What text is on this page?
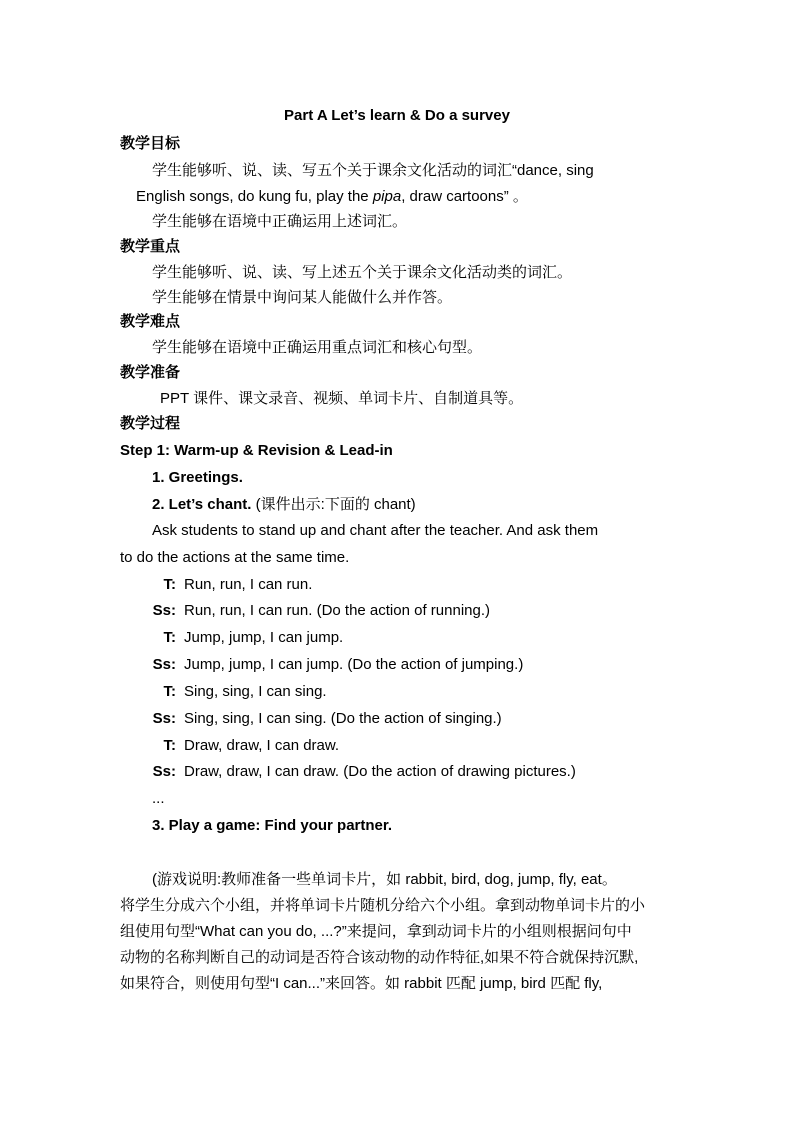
Part A Let’s learn & Do a survey
教学目标
学生能够听、说、读、写五个关于课余文化活动的词汇“dance, sing
English songs, do kung fu, play the pipa, draw cartoons” 。
学生能够在语境中正确运用上述词汇。
教学重点
学生能够听、说、读、写上述五个关于课余文化活动类的词汇。
学生能够在情景中询问某人能做什么并作答。
教学难点
学生能够在语境中正确运用重点词汇和核心句型。
教学准备
PPT 课件、课文录音、视频、单词卡片、自制道具等。
教学过程
Step 1: Warm-up & Revision & Lead-in
1. Greetings.
2. Let’s chant. (课件出示:下面的 chant)
Ask students to stand up and chant after the teacher. And ask them
to do the actions at the same time.
T: Run, run, I can run.
Ss: Run, run, I can run. (Do the action of running.)
T: Jump, jump, I can jump.
Ss: Jump, jump, I can jump. (Do the action of jumping.)
T: Sing, sing, I can sing.
Ss: Sing, sing, I can sing. (Do the action of singing.)
T: Draw, draw, I can draw.
Ss: Draw, draw, I can draw. (Do the action of drawing pictures.)
...
3. Play a game: Find your partner.
(游戏说明:教师准备一些单词卡片，如 rabbit, bird, dog, jump, fly, eat。
将学生分成六个小组，并将单词卡片随机分给六个小组。拿到动物单词卡片的小
组使用句型“What can you do, ...?”来提问，拿到动词卡片的小组则根据问句中
动物的名称判断自己的动词是否符合该动物的动作特征,如果不符合就保持沉默,
如果符合，则使用句型“I can...”来回答。如 rabbit 匹配 jump, bird 匹配 fly,
